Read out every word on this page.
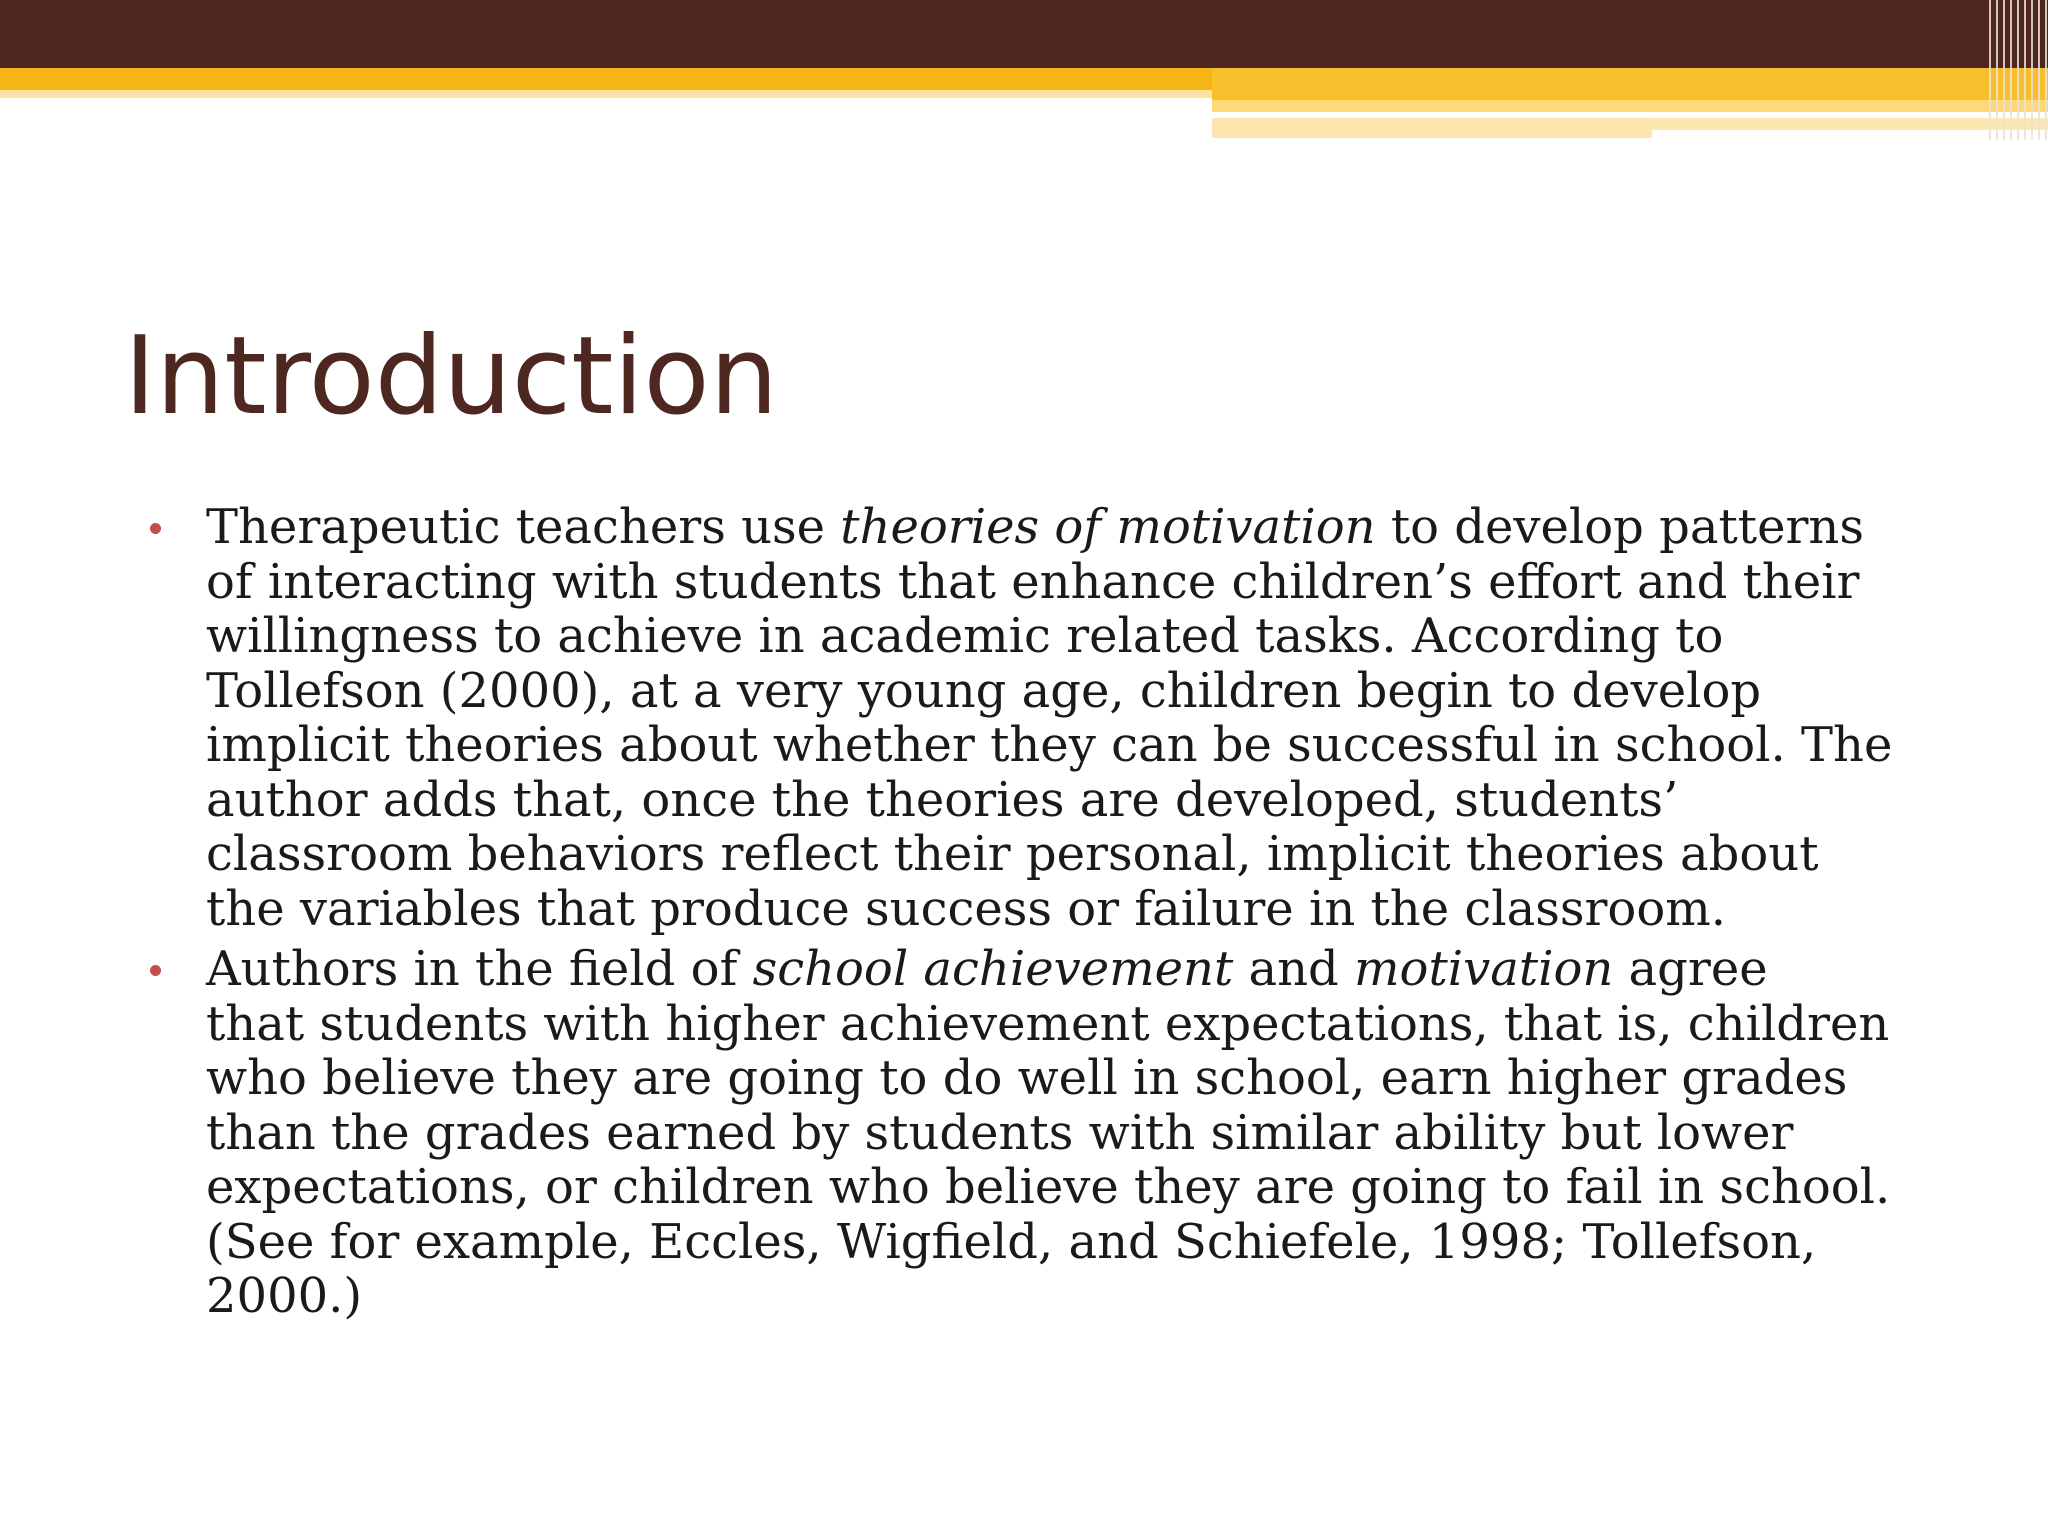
Introduction
Therapeutic teachers use theories of motivation to develop patterns
of interacting with students that enhance children’s effort and their
willingness to achieve in academic related tasks. According to
Tollefson (2000), at a very young age, children begin to develop
implicit theories about whether they can be successful in school. The
author adds that, once the theories are developed, students’
classroom behaviors reflect their personal, implicit theories about
the variables that produce success or failure in the classroom.
Authors in the field of school achievement and motivation agree
that students with higher achievement expectations, that is, children
who believe they are going to do well in school, earn higher grades
than the grades earned by students with similar ability but lower
expectations, or children who believe they are going to fail in school.
(See for example, Eccles, Wigfield, and Schiefele, 1998; Tollefson,
2000.)
